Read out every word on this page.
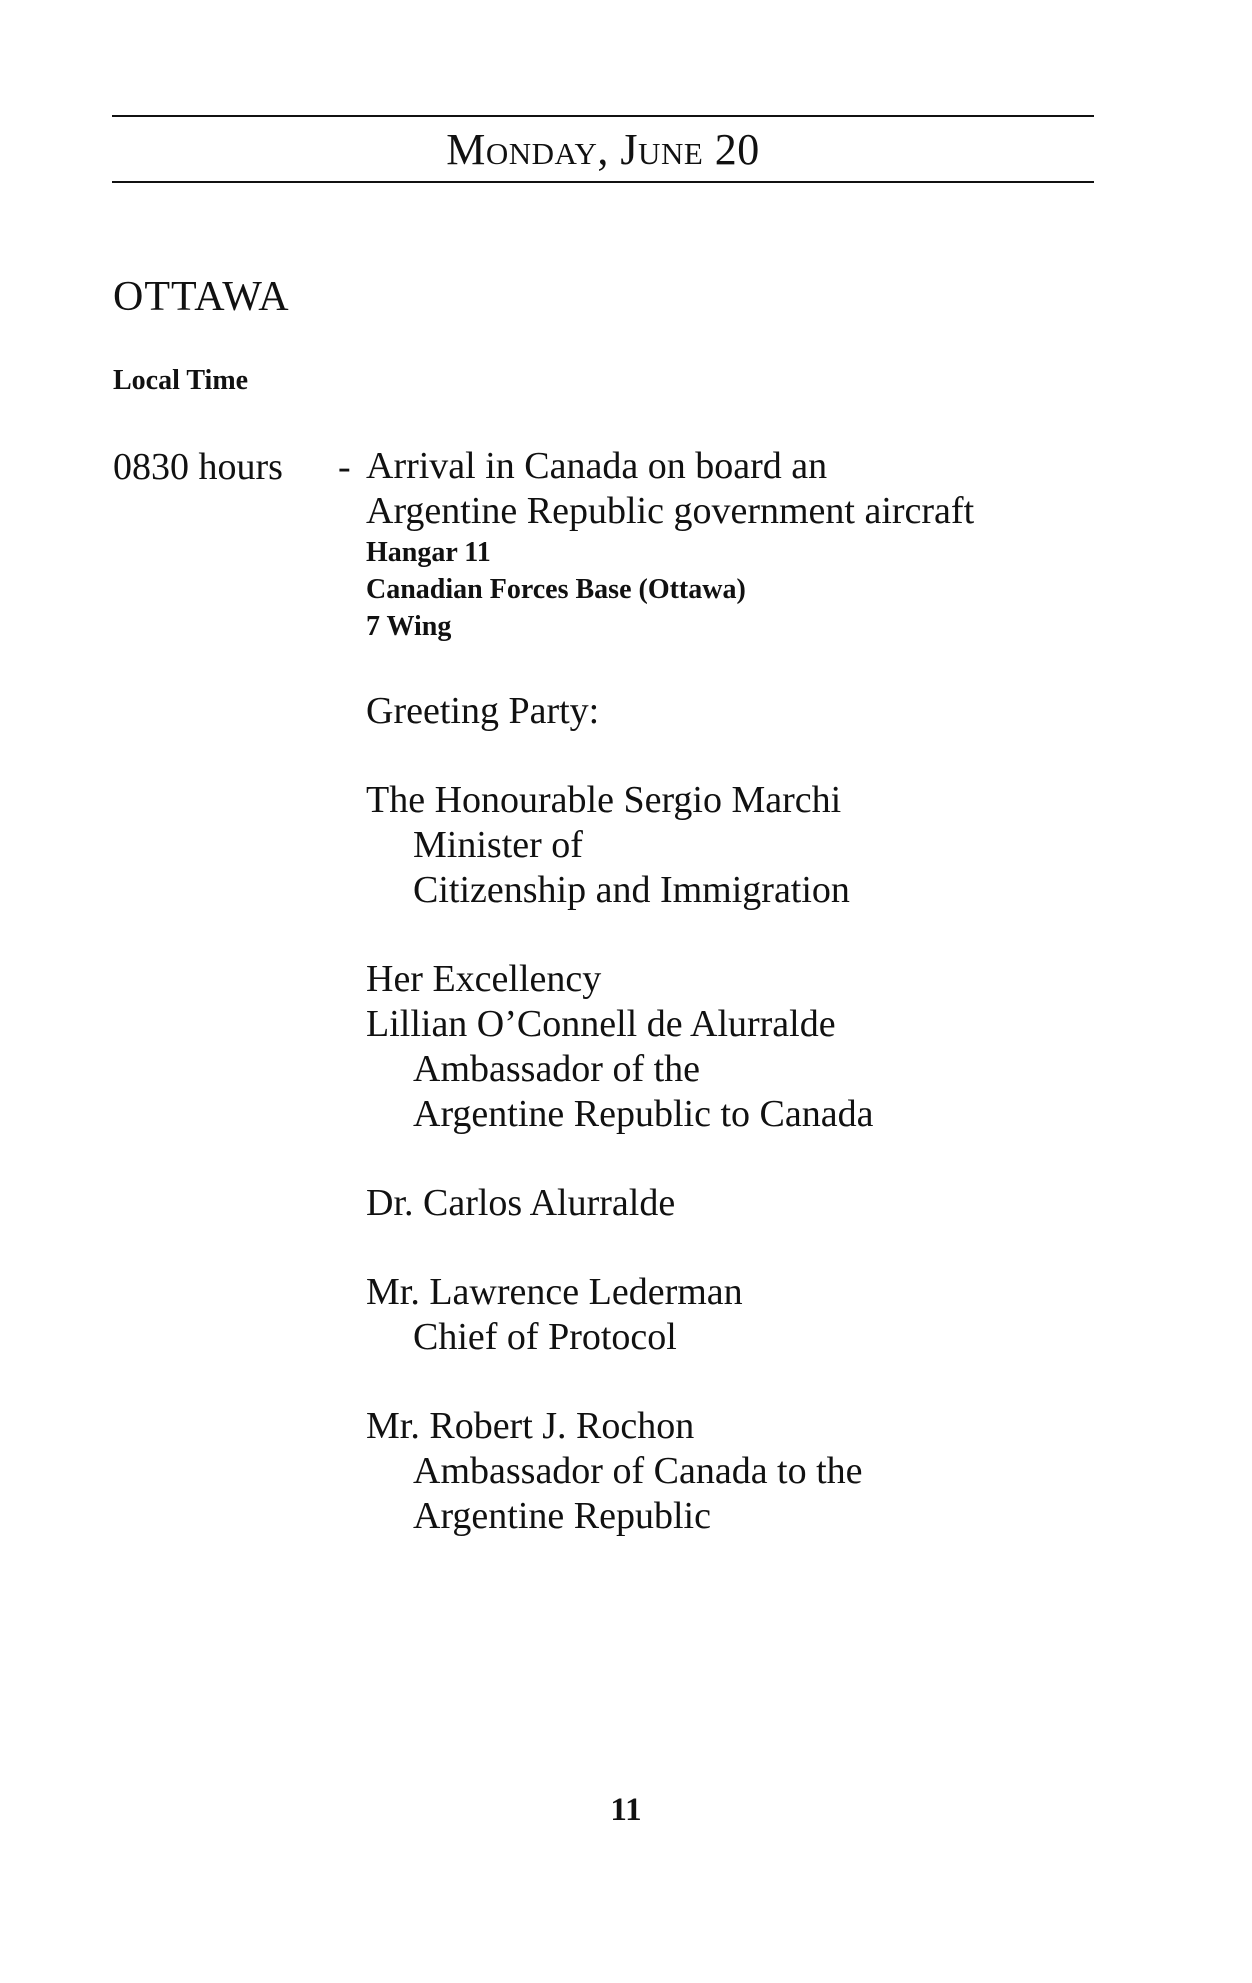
Monday, June 20
OTTAWA
Local Time
0830 hours - Arrival in Canada on board an
Argentine Republic government aircraft
Hangar 11
Canadian Forces Base (Ottawa)
7 Wing
Greeting Party:
The Honourable Sergio Marchi
Minister of
Citizenship and Immigration
Her Excellency
Lillian O’Connell de Alurralde
Ambassador of the
Argentine Republic to Canada
Dr. Carlos Alurralde
Mr. Lawrence Lederman
Chief of Protocol
Mr. Robert J. Rochon
Ambassador of Canada to the
Argentine Republic
11
